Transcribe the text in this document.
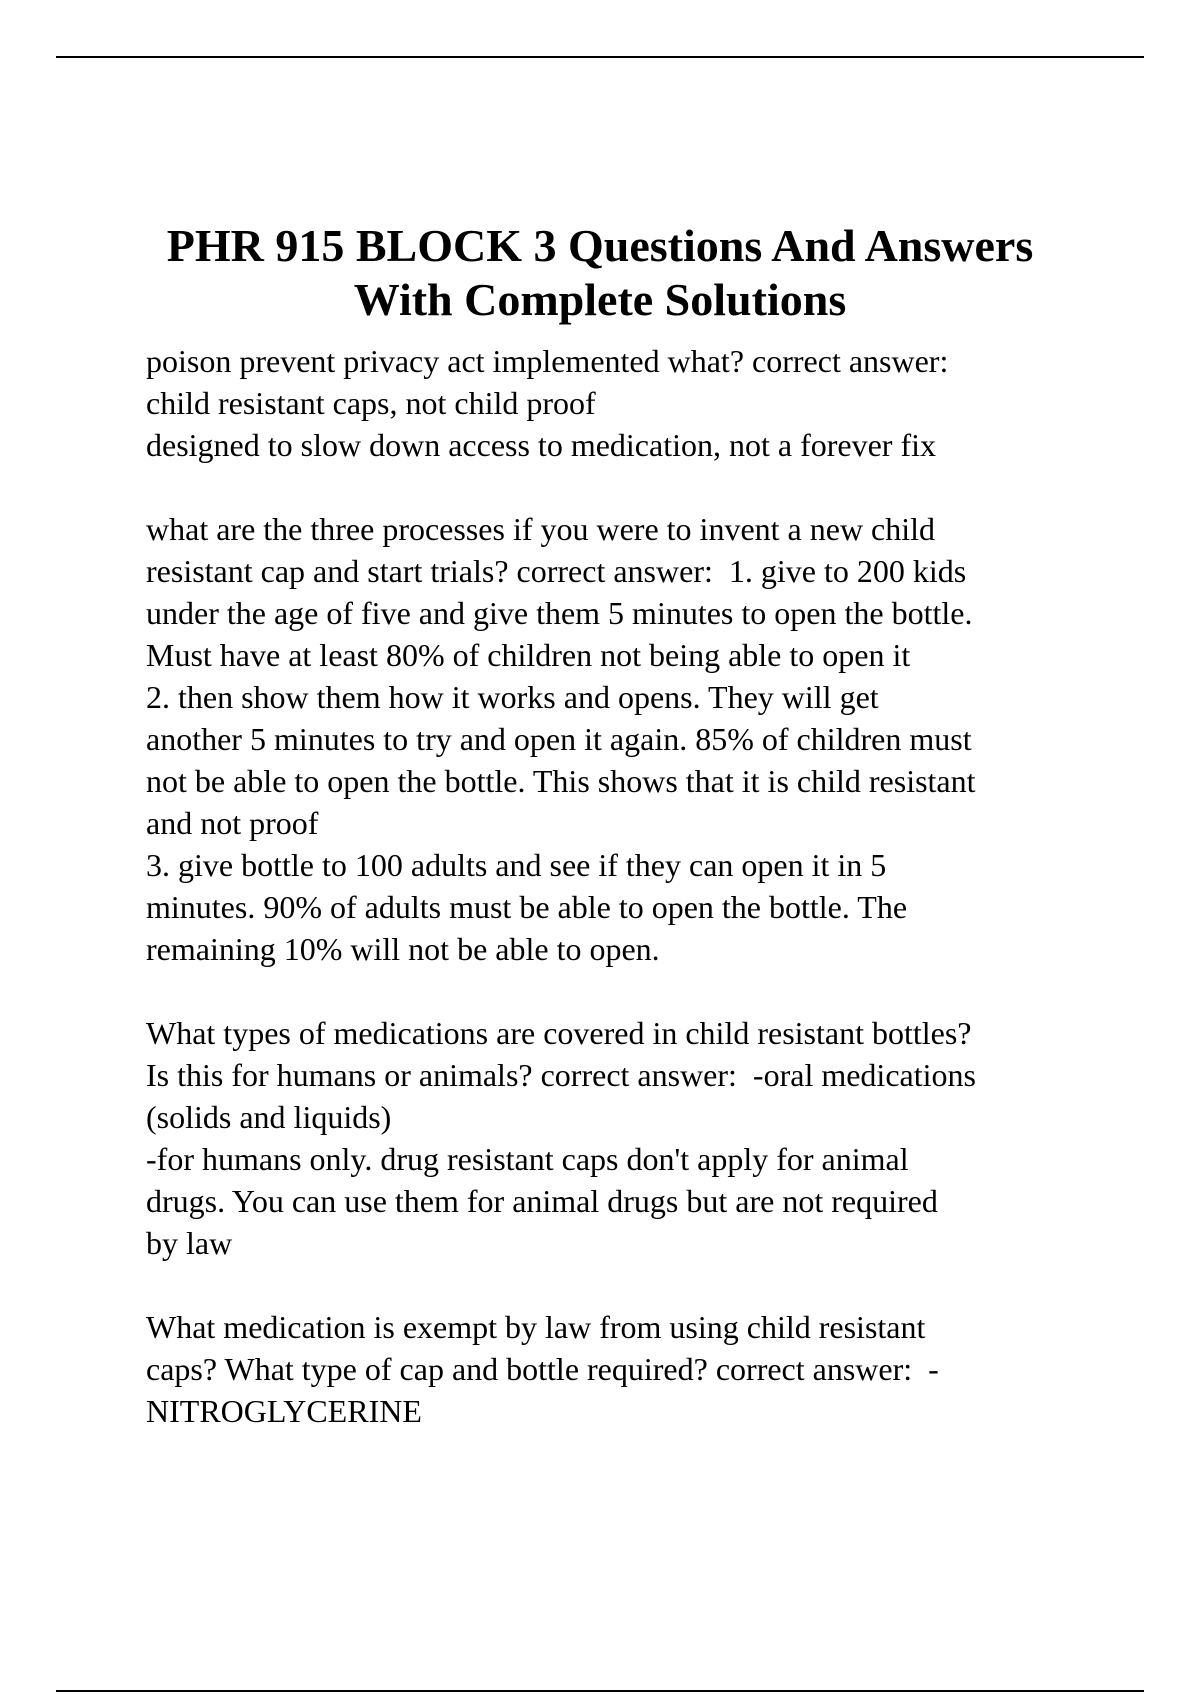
PHR 915 BLOCK 3 Questions And Answers
With Complete Solutions
poison prevent privacy act implemented what? correct answer:
child resistant caps, not child proof
designed to slow down access to medication, not a forever fix
what are the three processes if you were to invent a new child
resistant cap and start trials? correct answer:  1. give to 200 kids
under the age of five and give them 5 minutes to open the bottle.
Must have at least 80% of children not being able to open it
2. then show them how it works and opens. They will get
another 5 minutes to try and open it again. 85% of children must
not be able to open the bottle. This shows that it is child resistant
and not proof
3. give bottle to 100 adults and see if they can open it in 5
minutes. 90% of adults must be able to open the bottle. The
remaining 10% will not be able to open.
What types of medications are covered in child resistant bottles?
Is this for humans or animals? correct answer:  -oral medications
(solids and liquids)
-for humans only. drug resistant caps don't apply for animal
drugs. You can use them for animal drugs but are not required
by law
What medication is exempt by law from using child resistant
caps? What type of cap and bottle required? correct answer:  -
NITROGLYCERINE
